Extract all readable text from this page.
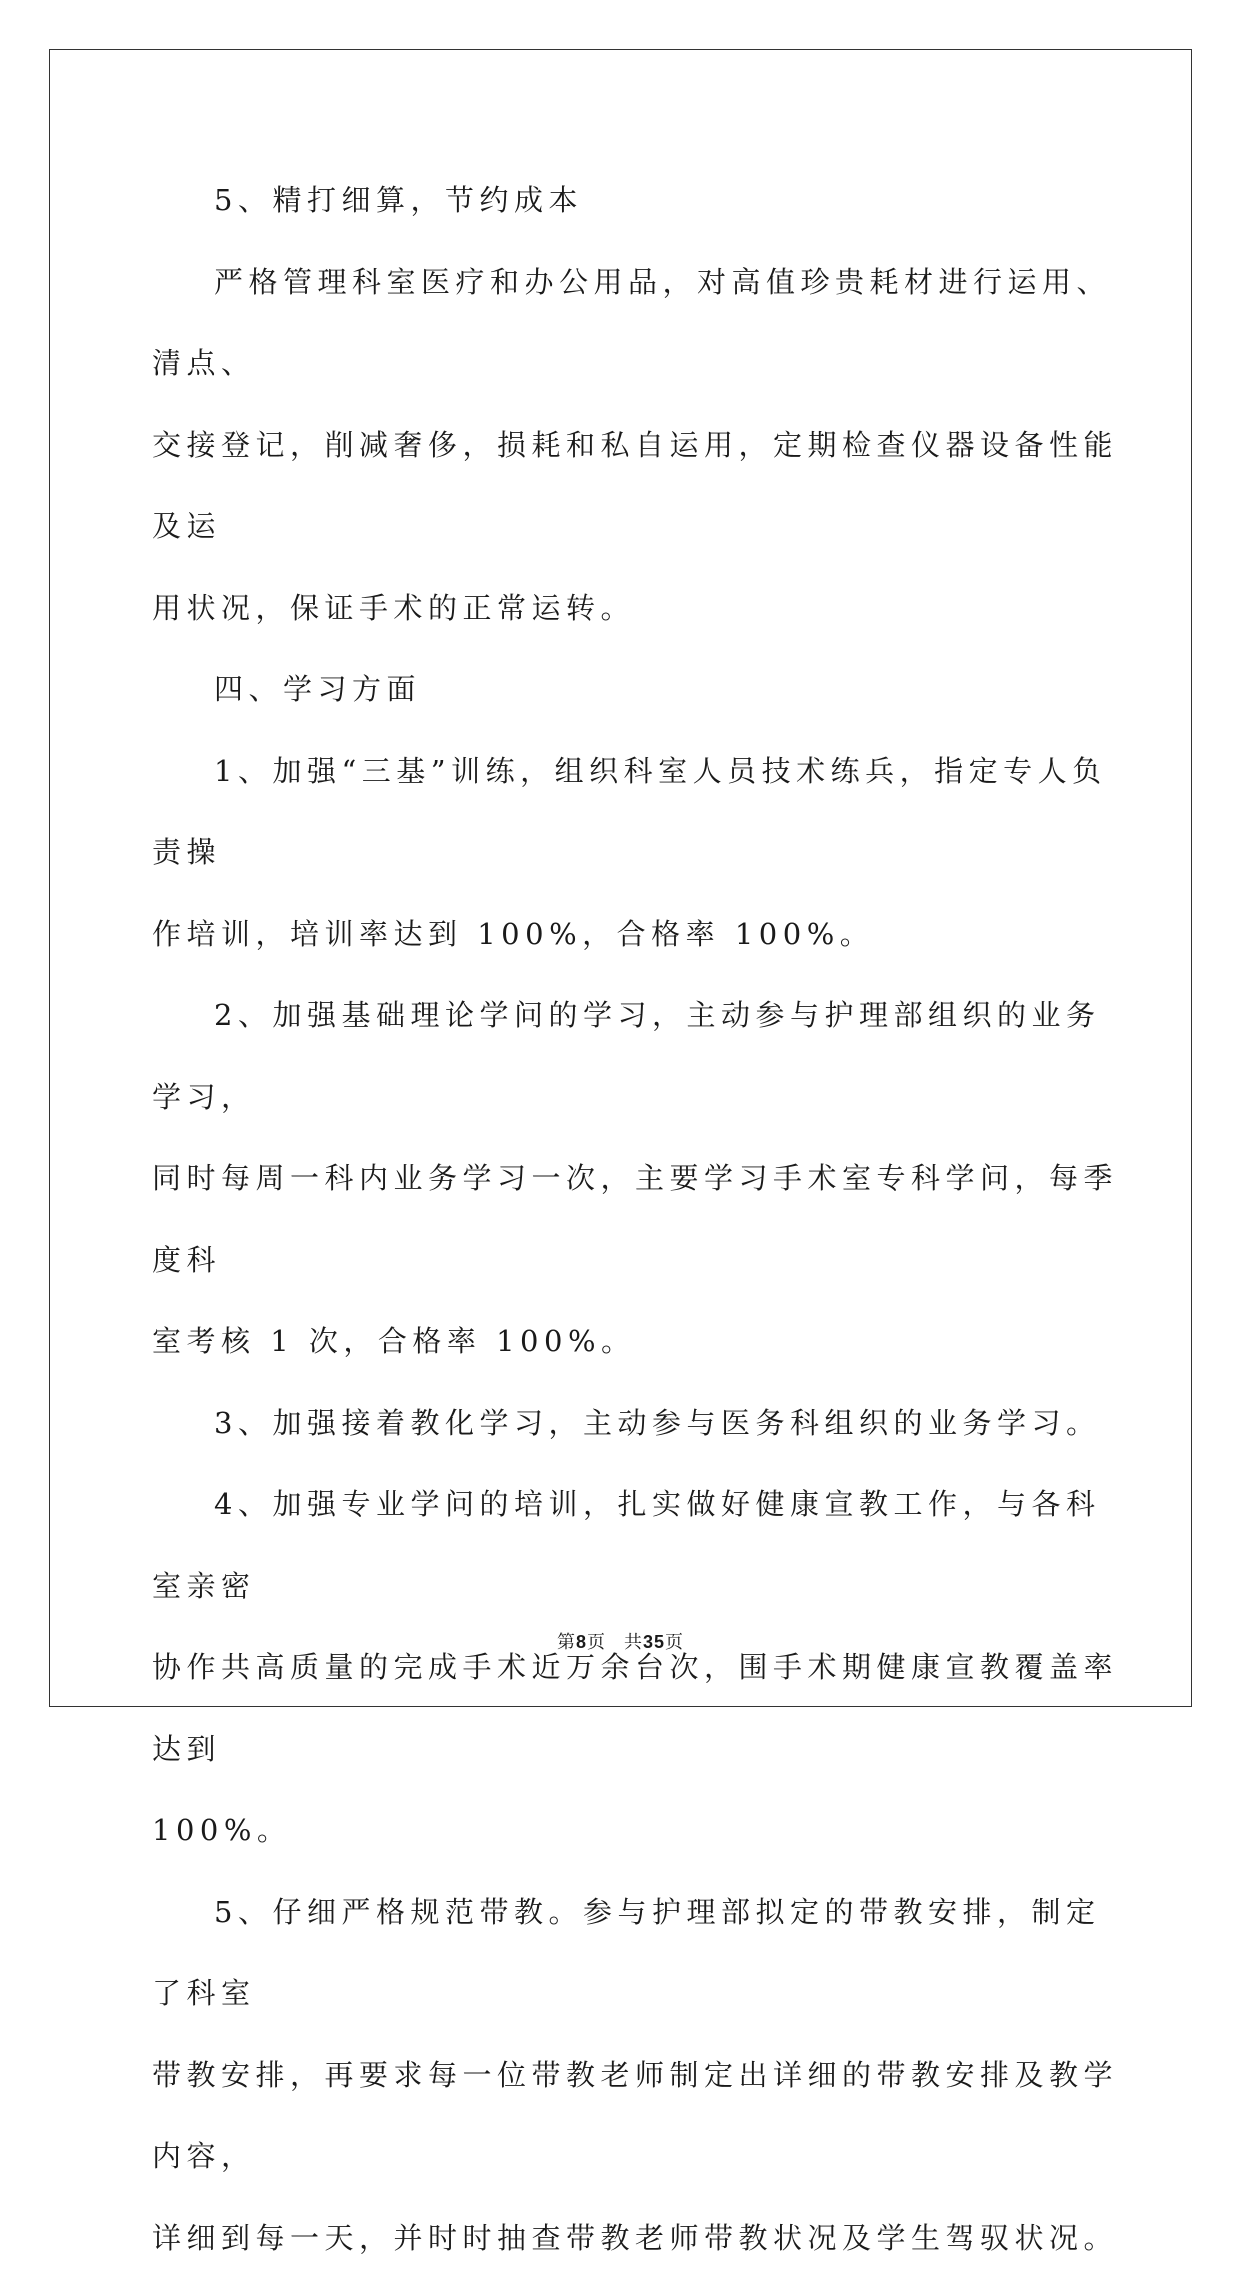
5、精打细算，节约成本

严格管理科室医疗和办公用品，对高值珍贵耗材进行运用、清点、
交接登记，削减奢侈，损耗和私自运用，定期检查仪器设备性能及运
用状况，保证手术的正常运转。

四、学习方面

1、加强“三基”训练，组织科室人员技术练兵，指定专人负责操
作培训，培训率达到 100%，合格率 100%。

2、加强基础理论学问的学习，主动参与护理部组织的业务学习，
同时每周一科内业务学习一次，主要学习手术室专科学问，每季度科
室考核 1 次，合格率 100%。

3、加强接着教化学习，主动参与医务科组织的业务学习。

4、加强专业学问的培训，扎实做好健康宣教工作，与各科室亲密
协作共高质量的完成手术近万余台次，围手术期健康宣教覆盖率达到
100%。

5、仔细严格规范带教。参与护理部拟定的带教安排，制定了科室
带教安排，再要求每一位带教老师制定出详细的带教安排及教学内容，
详细到每一天，并时时抽查带教老师带教状况及学生驾驭状况。

第8页 共35页
